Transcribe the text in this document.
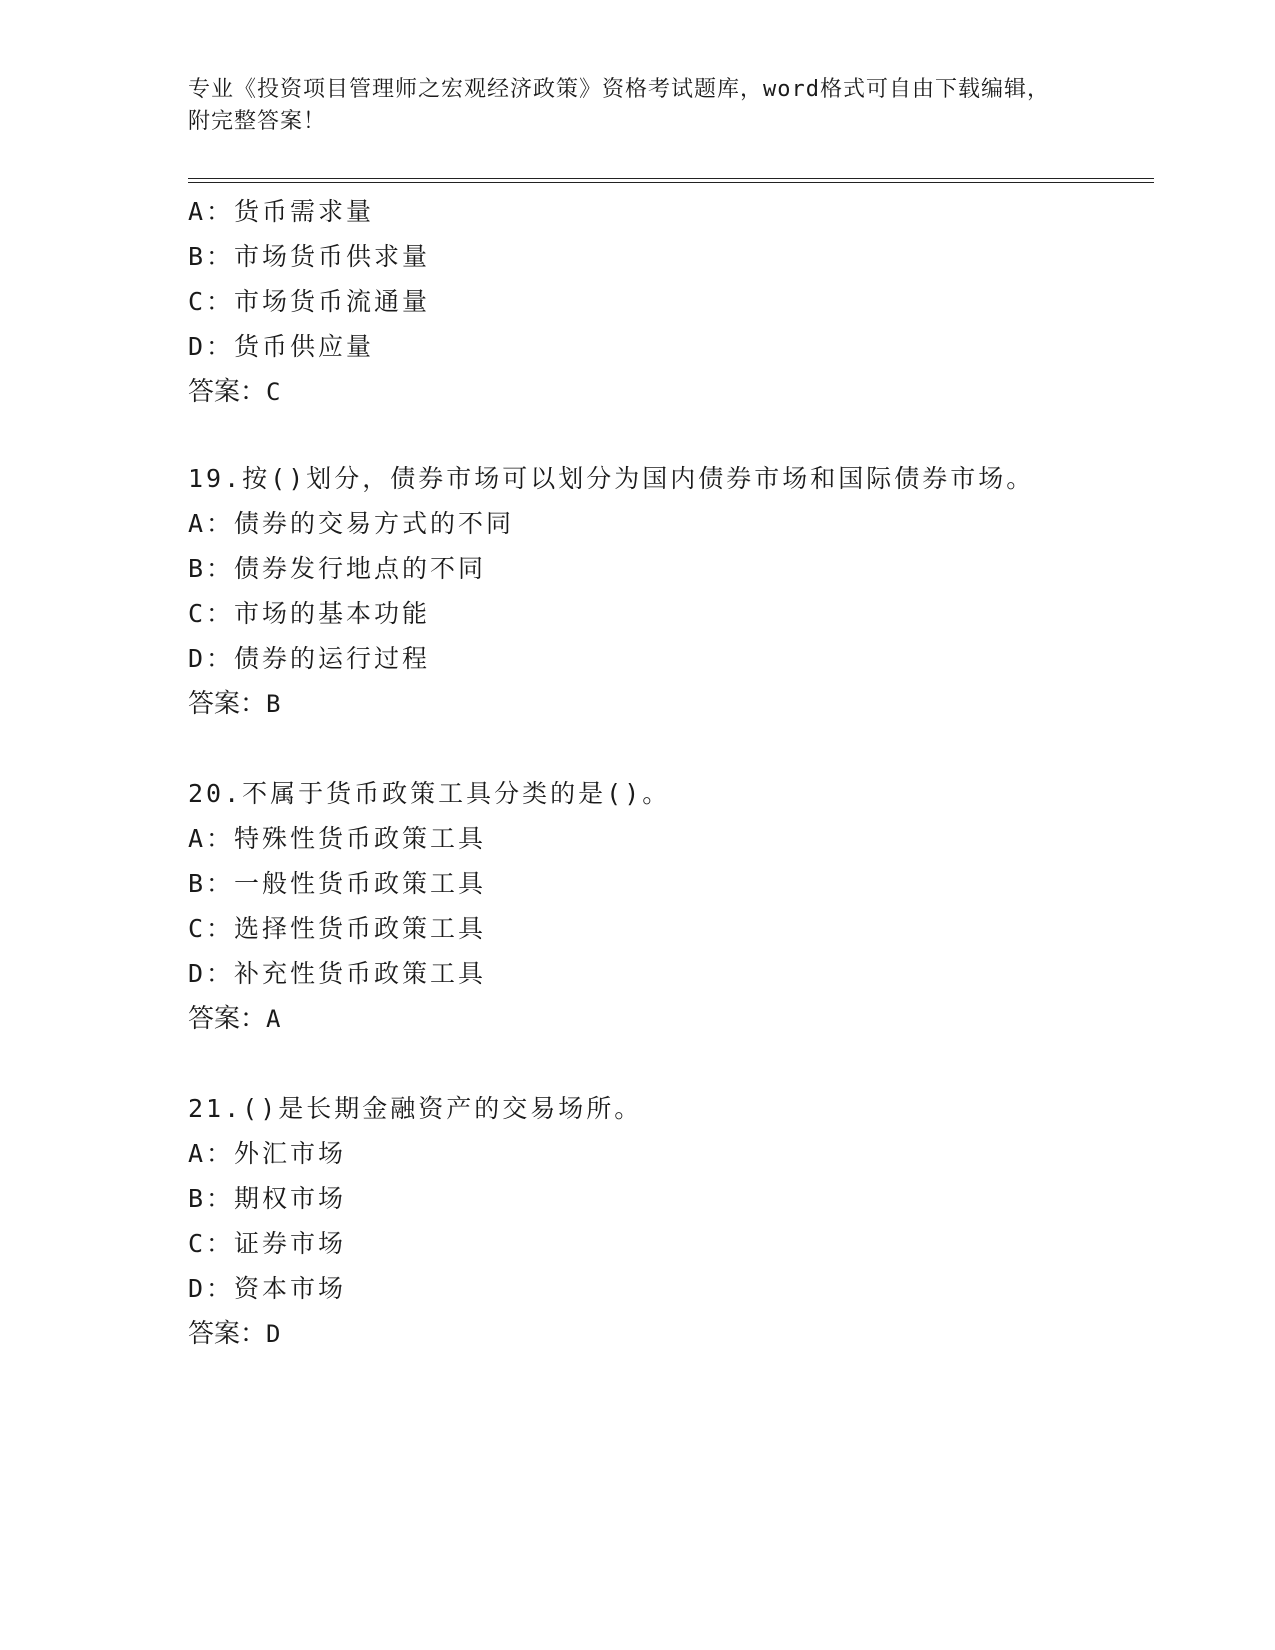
专业《投资项目管理师之宏观经济政策》资格考试题库，word格式可自由下载编辑，附完整答案！
A：货币需求量
B：市场货币供求量
C：市场货币流通量
D：货币供应量
答案：C
19.按()划分，债券市场可以划分为国内债券市场和国际债券市场。
A：债券的交易方式的不同
B：债券发行地点的不同
C：市场的基本功能
D：债券的运行过程
答案：B
20.不属于货币政策工具分类的是()。
A：特殊性货币政策工具
B：一般性货币政策工具
C：选择性货币政策工具
D：补充性货币政策工具
答案：A
21.()是长期金融资产的交易场所。
A：外汇市场
B：期权市场
C：证券市场
D：资本市场
答案：D
